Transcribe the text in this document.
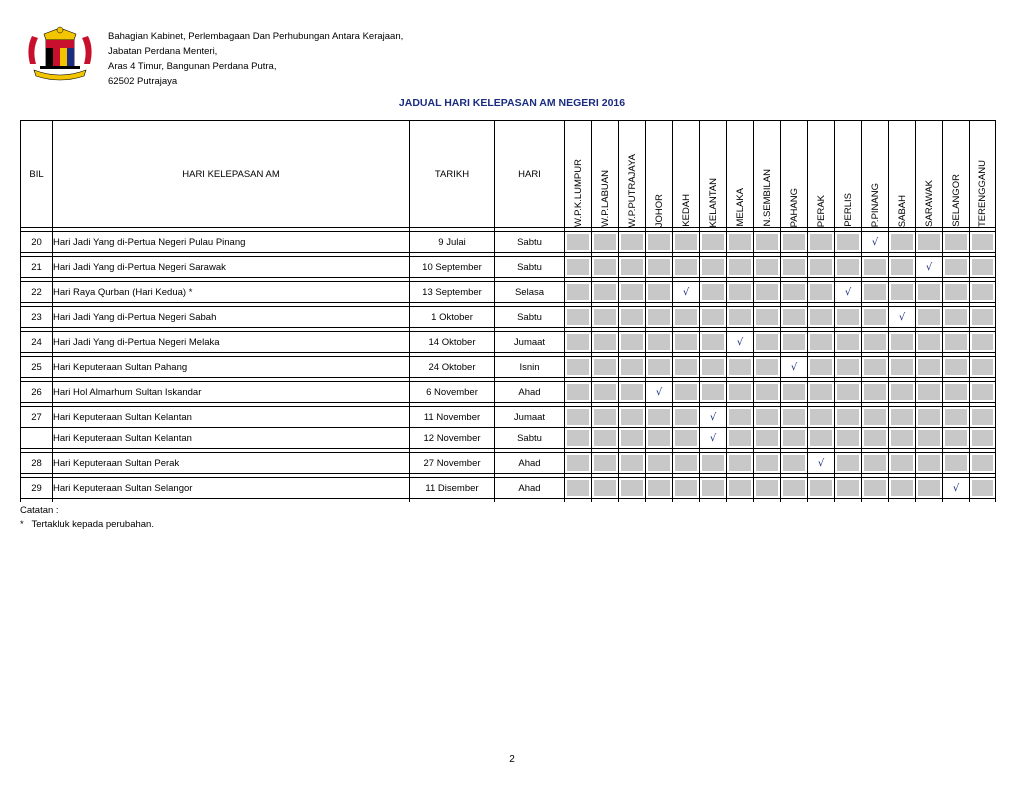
Bahagian Kabinet, Perlembagaan Dan Perhubungan Antara Kerajaan,
Jabatan Perdana Menteri,
Aras 4 Timur, Bangunan Perdana Putra,
62502 Putrajaya
JADUAL HARI KELEPASAN AM NEGERI 2016
BIL	HARI KELEPASAN AM	TARIKH	HARI	W.P.K.LUMPUR	W.P.LABUAN	W.P.PUTRAJAYA	JOHOR	KEDAH	KELANTAN	MELAKA	N.SEMBILAN	PAHANG	PERAK	PERLIS	P.PINANG	SABAH	SARAWAK	SELANGOR	TERENGGANU

20	Hari Jadi Yang di-Pertua Negeri Pulau Pinang	9 Julai	Sabtu												√				

21	Hari Jadi Yang di-Pertua Negeri Sarawak	10 September	Sabtu														√		

22	Hari Raya Qurban (Hari Kedua) *	13 September	Selasa					√						√					

23	Hari Jadi Yang di-Pertua Negeri Sabah	1 Oktober	Sabtu													√			

24	Hari Jadi Yang di-Pertua Negeri Melaka	14 Oktober	Jumaat							√									

25	Hari Keputeraan Sultan Pahang	24 Oktober	Isnin									√							

26	Hari Hol Almarhum Sultan Iskandar	6 November	Ahad				√												

27	Hari Keputeraan Sultan Kelantan	11 November	Jumaat						√										

	Hari Keputeraan Sultan Kelantan	12 November	Sabtu						√										

28	Hari Keputeraan Sultan Perak	27 November	Ahad										√						

29	Hari Keputeraan Sultan Selangor	11 Disember	Ahad															√	

Catatan :
*   Tertakluk kepada perubahan.
2
